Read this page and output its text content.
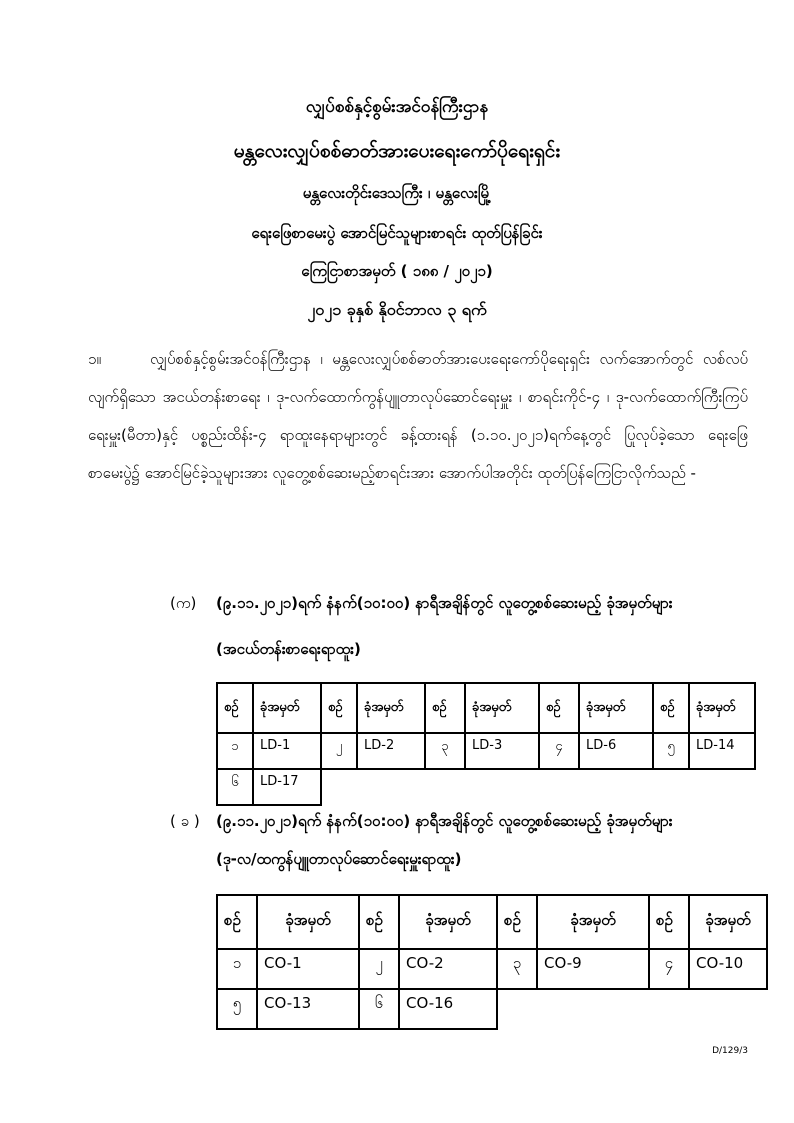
လျှပ်စစ်နှင့်စွမ်းအင်ဝန်ကြီးဌာန
မန္တလေးလျှပ်စစ်ဓာတ်အားပေးရေးကော်ပိုရေးရှင်း
မန္တလေးတိုင်းဒေသကြီး ၊ မန္တလေးမြို့
ရေးဖြေစာမေးပွဲ အောင်မြင်သူများစာရင်း ထုတ်ပြန်ခြင်း
ကြေငြာစာအမှတ် ( ၁၈၈ / ၂၀၂၁)
၂၀၂၁ ခုနှစ် နိုဝင်ဘာလ ၃ ရက်
၁။	လျှပ်စစ်နှင့်စွမ်းအင်ဝန်ကြီးဌာန ၊ မန္တလေးလျှပ်စစ်ဓာတ်အားပေးရေးကော်ပိုရေးရှင်း လက်အောက်တွင် လစ်လပ်လျက်ရှိသော အငယ်တန်းစာရေး ၊ ဒု-လက်ထောက်ကွန်ပျူတာလုပ်ဆောင်ရေးမှူး ၊ စာရင်းကိုင်-၄ ၊ ဒု-လက်ထောက်ကြီးကြပ်ရေးမှူး(မီတာ)နှင့် ပစ္စည်းထိန်း-၄ ရာထူးနေရာများတွင် ခန့်ထားရန် (၁.၁၀.၂၀၂၁)ရက်နေ့တွင် ပြုလုပ်ခဲ့သော ရေးဖြေစာမေးပွဲ၌ အောင်မြင်ခဲ့သူများအား လူတွေ့စစ်ဆေးမည့်စာရင်းအား အောက်ပါအတိုင်း ထုတ်ပြန်ကြေငြာလိုက်သည် -
(က) (၉.၁၁.၂၀၂၁)ရက် နံနက်(၁၀:၀၀) နာရီအချိန်တွင် လူတွေ့စစ်ဆေးမည့် ခုံအမှတ်များ
(အငယ်တန်းစာရေးရာထူး)
စဥ်	ခုံအမှတ်	စဥ်	ခုံအမှတ်	စဥ်	ခုံအမှတ်	စဥ်	ခုံအမှတ်	စဥ်	ခုံအမှတ်
၁	LD-1	၂	LD-2	၃	LD-3	၄	LD-6	၅	LD-14
၆	LD-17								
( ခ ) (၉.၁၁.၂၀၂၁)ရက် နံနက်(၁၀:၀၀) နာရီအချိန်တွင် လူတွေ့စစ်ဆေးမည့် ခုံအမှတ်များ
(ဒု-လ/ထကွန်ပျူတာလုပ်ဆောင်ရေးမှူးရာထူး)
စဥ်	ခုံအမှတ်	စဥ်	ခုံအမှတ်	စဥ်	ခုံအမှတ်	စဥ်	ခုံအမှတ်
၁	CO-1	၂	CO-2	၃	CO-9	၄	CO-10
၅	CO-13	၆	CO-16				
D/129/3
